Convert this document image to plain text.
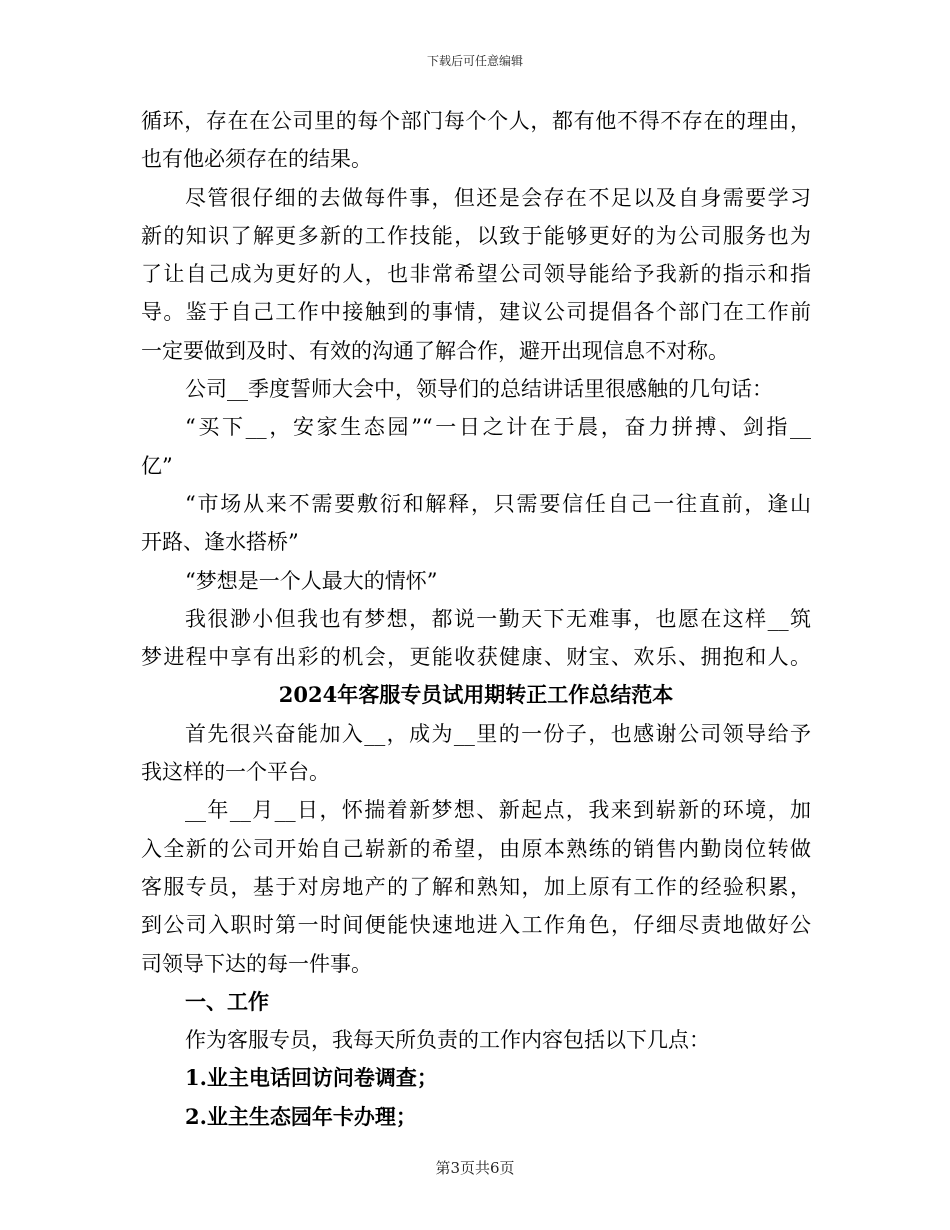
下载后可任意编辑
循环，存在在公司里的每个部门每个个人，都有他不得不存在的理由，
也有他必须存在的结果。
尽管很仔细的去做每件事，但还是会存在不足以及自身需要学习
新的知识了解更多新的工作技能，以致于能够更好的为公司服务也为
了让自己成为更好的人，也非常希望公司领导能给予我新的指示和指
导。鉴于自己工作中接触到的事情，建议公司提倡各个部门在工作前
一定要做到及时、有效的沟通了解合作，避开出现信息不对称。
公司__季度誓师大会中，领导们的总结讲话里很感触的几句话：
“买下__，安家生态园”“一日之计在于晨，奋力拼搏、剑指__
亿”
“市场从来不需要敷衍和解释，只需要信任自己一往直前，逢山
开路、逢水搭桥”
“梦想是一个人最大的情怀”
我很渺小但我也有梦想，都说一勤天下无难事，也愿在这样__筑
梦进程中享有出彩的机会，更能收获健康、财宝、欢乐、拥抱和人。
2024年客服专员试用期转正工作总结范本
首先很兴奋能加入__，成为__里的一份子，也感谢公司领导给予
我这样的一个平台。
__年__月__日，怀揣着新梦想、新起点，我来到崭新的环境，加
入全新的公司开始自己崭新的希望，由原本熟练的销售内勤岗位转做
客服专员，基于对房地产的了解和熟知，加上原有工作的经验积累，
到公司入职时第一时间便能快速地进入工作角色，仔细尽责地做好公
司领导下达的每一件事。
一、工作
作为客服专员，我每天所负责的工作内容包括以下几点：
1.业主电话回访问卷调查；
2.业主生态园年卡办理；
第3页共6页
